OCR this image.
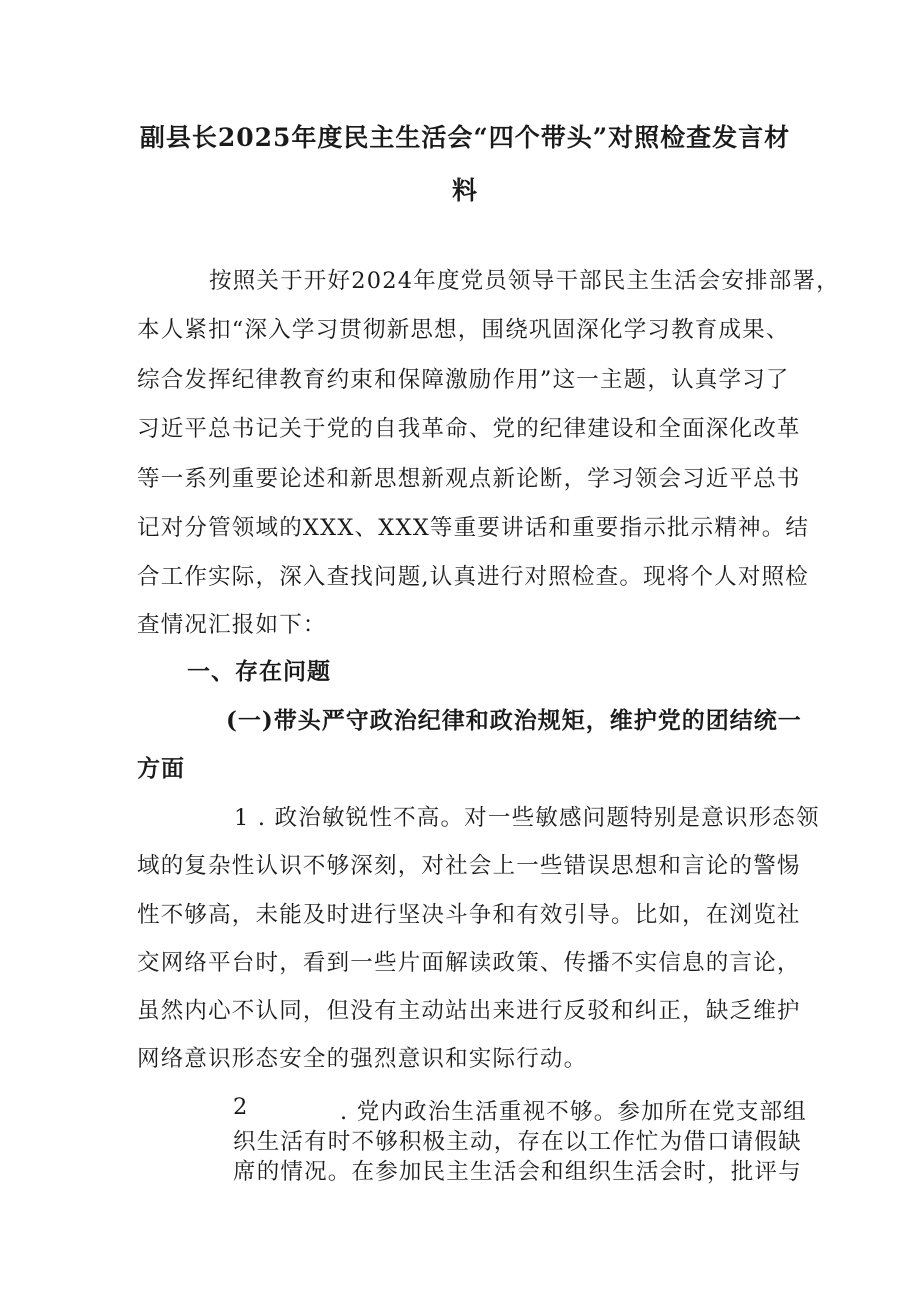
副县长2025年度民主生活会“四个带头”对照检查发言材
料

按照关于开好2024年度党员领导干部民主生活会安排部署，

本人紧扣“深入学习贯彻新思想，围绕巩固深化学习教育成果、

综合发挥纪律教育约束和保障激励作用”这一主题，认真学习了

习近平总书记关于党的自我革命、党的纪律建设和全面深化改革

等一系列重要论述和新思想新观点新论断，学习领会习近平总书

记对分管领域的XXX、XXX等重要讲话和重要指示批示精神。结

合工作实际，深入查找问题,认真进行对照检查。现将个人对照检

查情况汇报如下：

一、存在问题
(一)带头严守政治纪律和政治规矩，维护党的团结统一
方面

1 . 政治敏锐性不高。对一些敏感问题特别是意识形态领

域的复杂性认识不够深刻，对社会上一些错误思想和言论的警惕

性不够高，未能及时进行坚决斗争和有效引导。比如，在浏览社

交网络平台时，看到一些片面解读政策、传播不实信息的言论，

虽然内心不认同，但没有主动站出来进行反驳和纠正，缺乏维护

网络意识形态安全的强烈意识和实际行动。

2	. 党内政治生活重视不够。参加所在党支部组

织生活有时不够积极主动，存在以工作忙为借口请假缺

席的情况。在参加民主生活会和组织生活会时，批评与
